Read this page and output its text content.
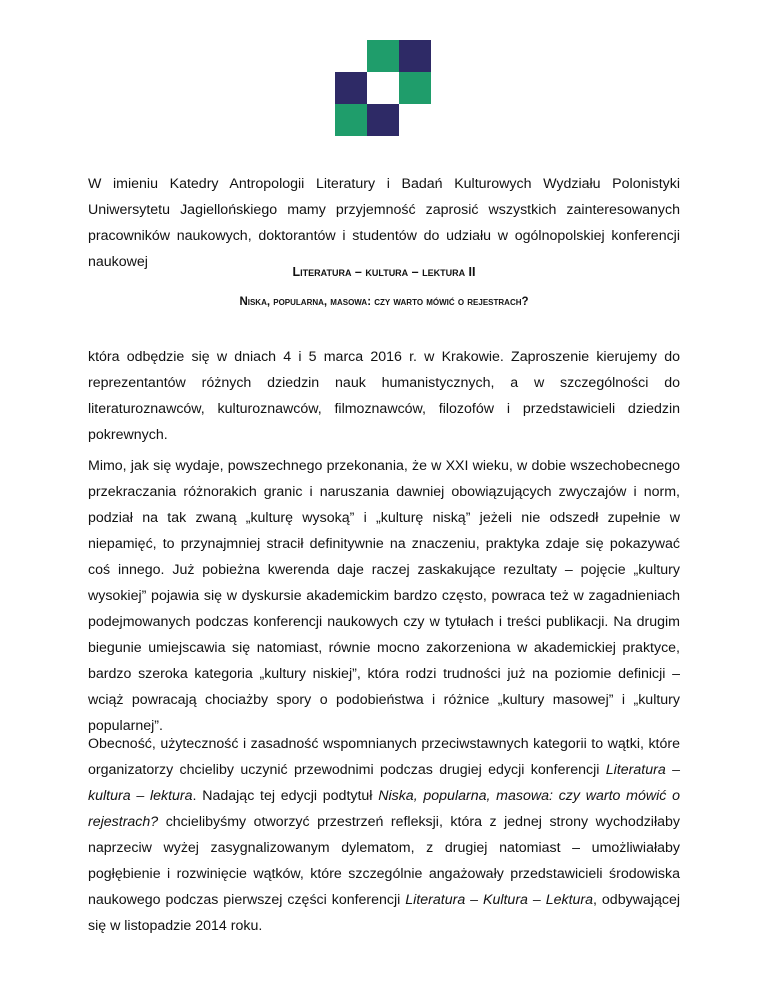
W imieniu Katedry Antropologii Literatury i Badań Kulturowych Wydziału Polonistyki Uniwersytetu Jagiellońskiego mamy przyjemność zaprosić wszystkich zainteresowanych pracowników naukowych, doktorantów i studentów do udziału w ogólnopolskiej konferencji naukowej

Literatura – kultura – lektura II
Niska, popularna, masowa: czy warto mówić o rejestrach?

która odbędzie się w dniach 4 i 5 marca 2016 r. w Krakowie. Zaproszenie kierujemy do reprezentantów różnych dziedzin nauk humanistycznych, a w szczególności do literaturoznawców, kulturoznawców, filmoznawców, filozofów i przedstawicieli dziedzin pokrewnych.

Mimo, jak się wydaje, powszechnego przekonania, że w XXI wieku, w dobie wszechobecnego przekraczania różnorakich granic i naruszania dawniej obowiązujących zwyczajów i norm, podział na tak zwaną „kulturę wysoką” i „kulturę niską” jeżeli nie odszedł zupełnie w niepamięć, to przynajmniej stracił definitywnie na znaczeniu, praktyka zdaje się pokazywać coś innego. Już pobieżna kwerenda daje raczej zaskakujące rezultaty – pojęcie „kultury wysokiej” pojawia się w dyskursie akademickim bardzo często, powraca też w zagadnieniach podejmowanych podczas konferencji naukowych czy w tytułach i treści publikacji. Na drugim biegunie umiejscawia się natomiast, równie mocno zakorzeniona w akademickiej praktyce, bardzo szeroka kategoria „kultury niskiej”, która rodzi trudności już na poziomie definicji – wciąż powracają chociażby spory o podobieństwa i różnice „kultury masowej” i „kultury popularnej”.

Obecność, użyteczność i zasadność wspomnianych przeciwstawnych kategorii to wątki, które organizatorzy chcieliby uczynić przewodnimi podczas drugiej edycji konferencji Literatura – kultura – lektura. Nadając tej edycji podtytuł Niska, popularna, masowa: czy warto mówić o rejestrach? chcielibyśmy otworzyć przestrzeń refleksji, która z jednej strony wychodziłaby naprzeciw wyżej zasygnalizowanym dylematom, z drugiej natomiast – umożliwiałaby pogłębienie i rozwinięcie wątków, które szczególnie angażowały przedstawicieli środowiska naukowego podczas pierwszej części konferencji Literatura – Kultura – Lektura, odbywającej się w listopadzie 2014 roku.
